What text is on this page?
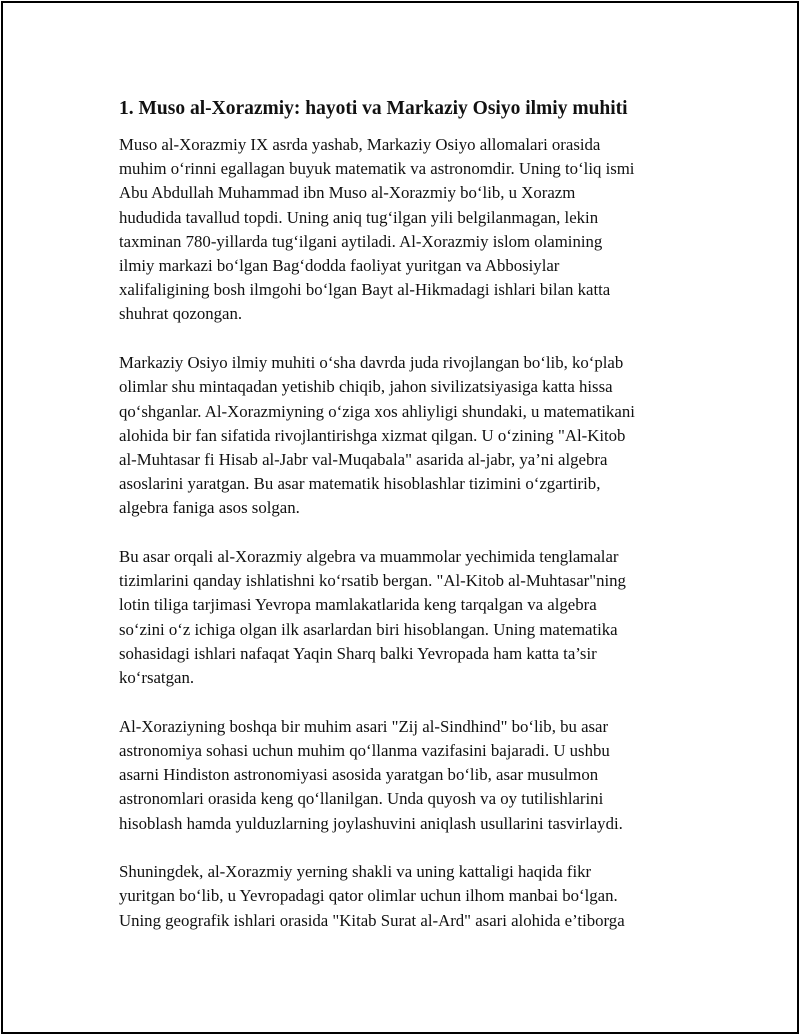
1. Muso al-Xorazmiy: hayoti va Markaziy Osiyo ilmiy muhiti

Muso al-Xorazmiy IX asrda yashab, Markaziy Osiyo allomalari orasida
muhim o‘rinni egallagan buyuk matematik va astronomdir. Uning to‘liq ismi
Abu Abdullah Muhammad ibn Muso al-Xorazmiy bo‘lib, u Xorazm
hududida tavallud topdi. Uning aniq tug‘ilgan yili belgilanmagan, lekin
taxminan 780-yillarda tug‘ilgani aytiladi. Al-Xorazmiy islom olamining
ilmiy markazi bo‘lgan Bag‘dodda faoliyat yuritgan va Abbosiylar
xalifaligining bosh ilmgohi bo‘lgan Bayt al-Hikmadagi ishlari bilan katta
shuhrat qozongan.

Markaziy Osiyo ilmiy muhiti o‘sha davrda juda rivojlangan bo‘lib, ko‘plab
olimlar shu mintaqadan yetishib chiqib, jahon sivilizatsiyasiga katta hissa
qo‘shganlar. Al-Xorazmiyning o‘ziga xos ahliyligi shundaki, u matematikani
alohida bir fan sifatida rivojlantirishga xizmat qilgan. U o‘zining "Al-Kitob
al-Muhtasar fi Hisab al-Jabr val-Muqabala" asarida al-jabr, ya’ni algebra
asoslarini yaratgan. Bu asar matematik hisoblashlar tizimini o‘zgartirib,
algebra faniga asos solgan.

Bu asar orqali al-Xorazmiy algebra va muammolar yechimida tenglamalar
tizimlarini qanday ishlatishni ko‘rsatib bergan. "Al-Kitob al-Muhtasar"ning
lotin tiliga tarjimasi Yevropa mamlakatlarida keng tarqalgan va algebra
so‘zini o‘z ichiga olgan ilk asarlardan biri hisoblangan. Uning matematika
sohasidagi ishlari nafaqat Yaqin Sharq balki Yevropada ham katta ta’sir
ko‘rsatgan.

Al-Xoraziyning boshqa bir muhim asari "Zij al-Sindhind" bo‘lib, bu asar
astronomiya sohasi uchun muhim qo‘llanma vazifasini bajaradi. U ushbu
asarni Hindiston astronomiyasi asosida yaratgan bo‘lib, asar musulmon
astronomlari orasida keng qo‘llanilgan. Unda quyosh va oy tutilishlarini
hisoblash hamda yulduzlarning joylashuvini aniqlash usullarini tasvirlaydi.

Shuningdek, al-Xorazmiy yerning shakli va uning kattaligi haqida fikr
yuritgan bo‘lib, u Yevropadagi qator olimlar uchun ilhom manbai bo‘lgan.
Uning geografik ishlari orasida "Kitab Surat al-Ard" asari alohida e’tiborga
